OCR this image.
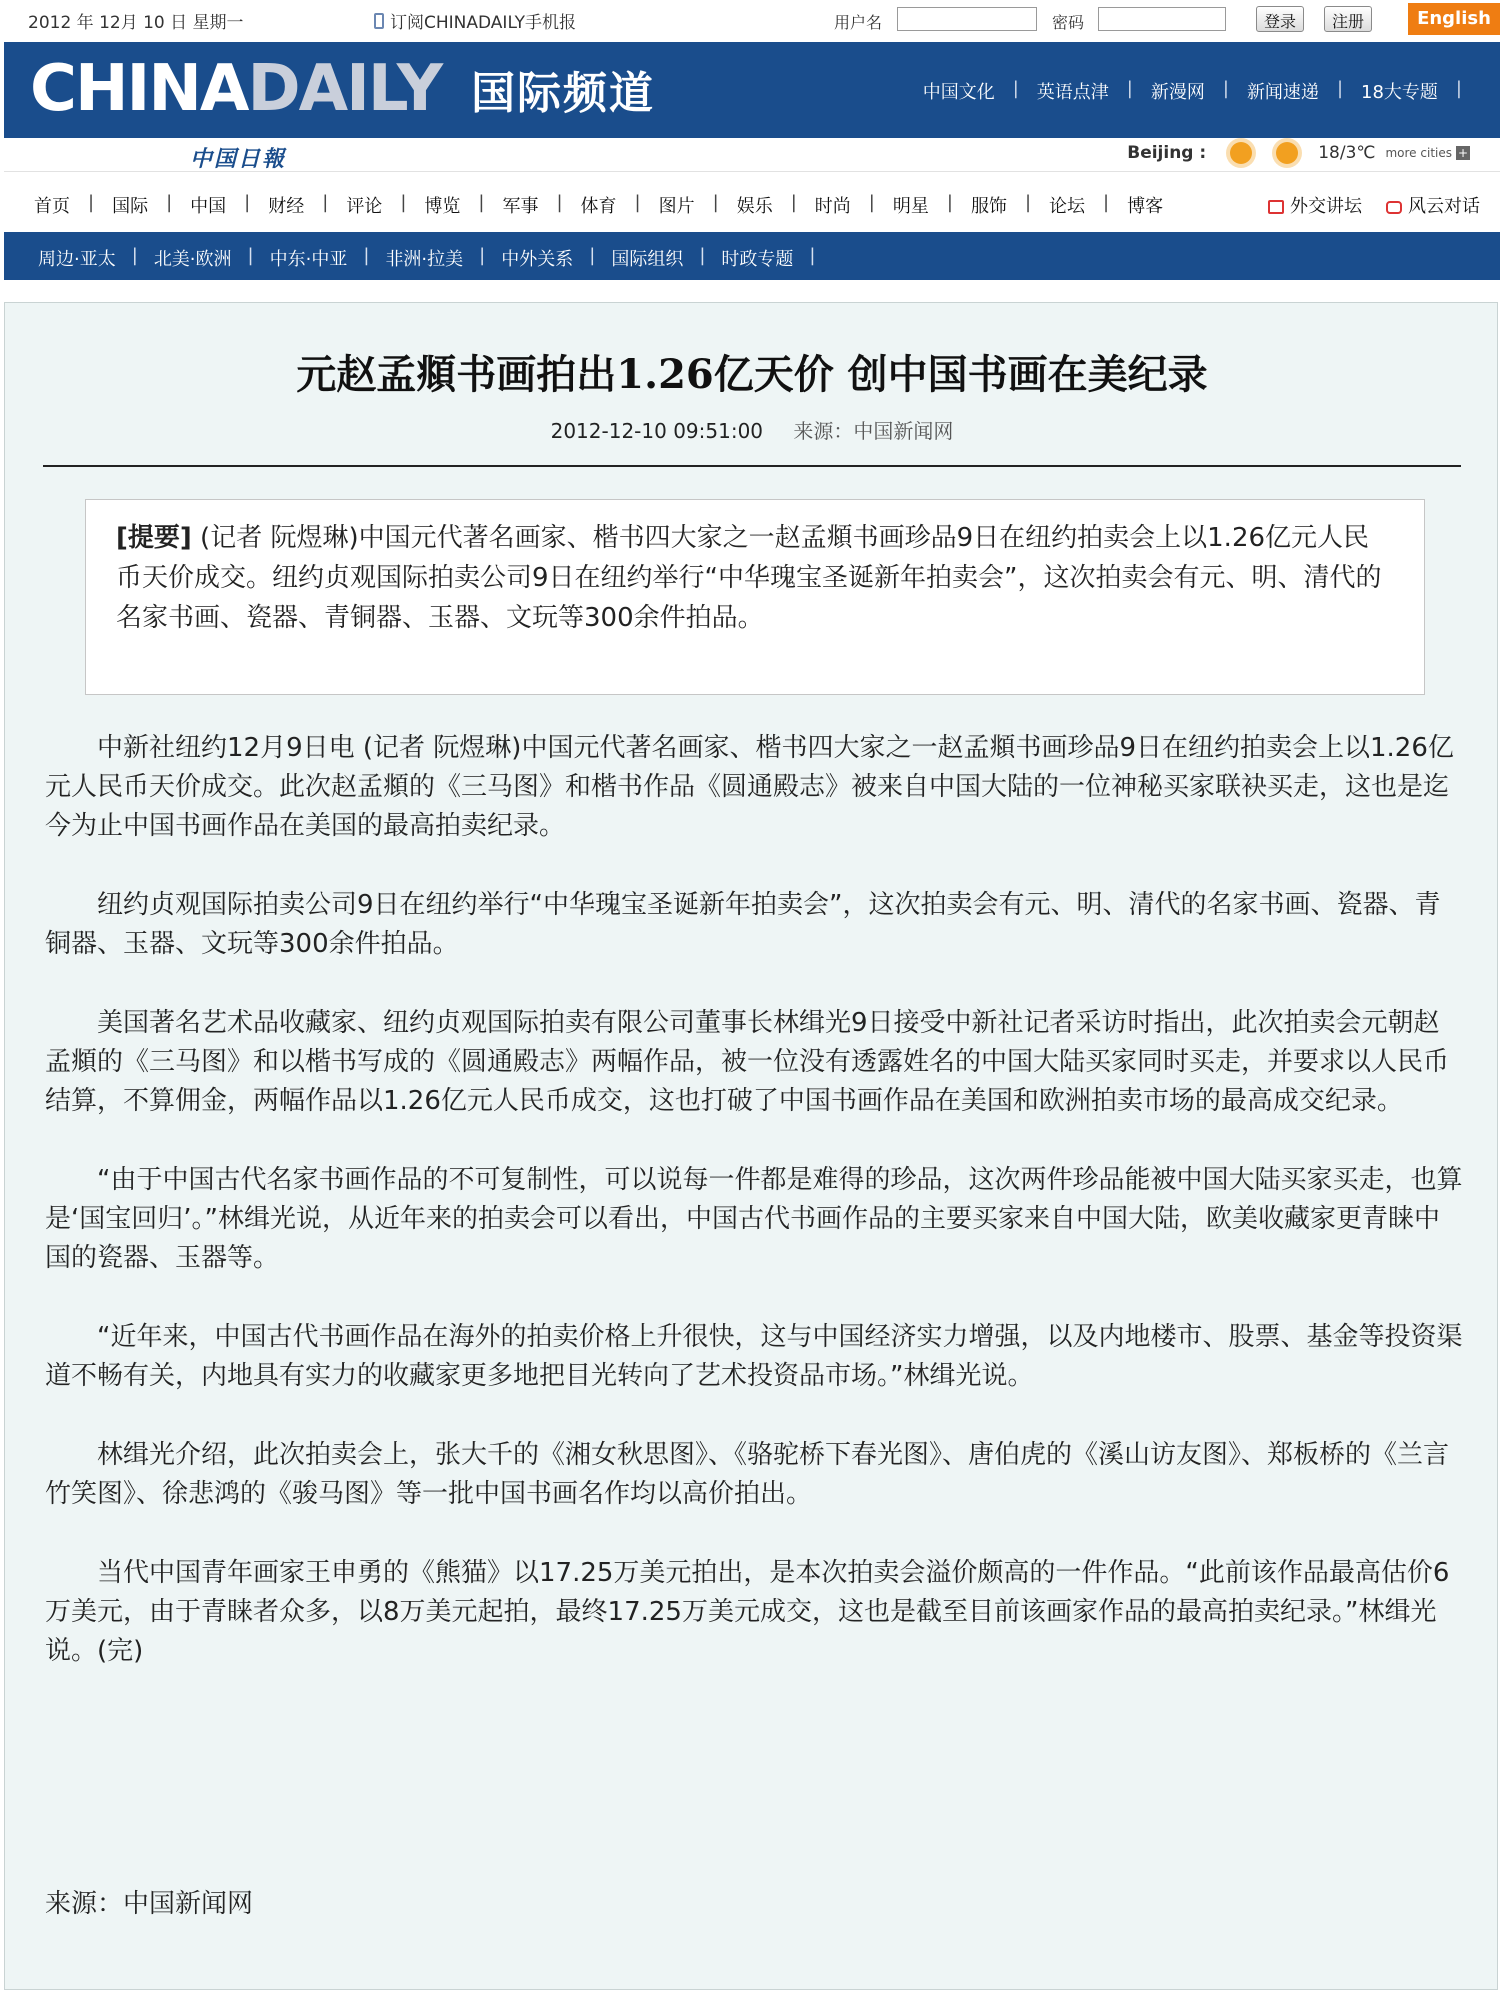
2012 年 12月 10 日 星期一	订阅CHINADAILY手机报	用户名	密码	登录	注册	English
CHINADAILY 国际频道	中国文化 | 英语点津 | 新漫网 | 新闻速递 | 18大专题 |
中国日報	Beijing :	18/3℃ more cities +
首页 | 国际 | 中国 | 财经 | 评论 | 博览 | 军事 | 体育 | 图片 | 娱乐 | 时尚 | 明星 | 服饰 | 论坛 | 博客	外交讲坛	风云对话
周边·亚太 | 北美·欧洲 | 中东·中亚 | 非洲·拉美 | 中外关系 | 国际组织 | 时政专题 |
元赵孟頫书画拍出1.26亿天价 创中国书画在美纪录
2012-12-10 09:51:00 来源：中国新闻网
[提要] (记者 阮煜琳)中国元代著名画家、楷书四大家之一赵孟頫书画珍品9日在纽约拍卖会上以1.26亿元人民币天价成交。纽约贞观国际拍卖公司9日在纽约举行“中华瑰宝圣诞新年拍卖会”，这次拍卖会有元、明、清代的名家书画、瓷器、青铜器、玉器、文玩等300余件拍品。

中新社纽约12月9日电 (记者 阮煜琳)中国元代著名画家、楷书四大家之一赵孟頫书画珍品9日在纽约拍卖会上以1.26亿元人民币天价成交。此次赵孟頫的《三马图》和楷书作品《圆通殿志》被来自中国大陆的一位神秘买家联袂买走，这也是迄今为止中国书画作品在美国的最高拍卖纪录。

纽约贞观国际拍卖公司9日在纽约举行“中华瑰宝圣诞新年拍卖会”，这次拍卖会有元、明、清代的名家书画、瓷器、青铜器、玉器、文玩等300余件拍品。

美国著名艺术品收藏家、纽约贞观国际拍卖有限公司董事长林缉光9日接受中新社记者采访时指出，此次拍卖会元朝赵孟頫的《三马图》和以楷书写成的《圆通殿志》两幅作品，被一位没有透露姓名的中国大陆买家同时买走，并要求以人民币结算，不算佣金，两幅作品以1.26亿元人民币成交，这也打破了中国书画作品在美国和欧洲拍卖市场的最高成交纪录。

“由于中国古代名家书画作品的不可复制性，可以说每一件都是难得的珍品，这次两件珍品能被中国大陆买家买走，也算是‘国宝回归’。”林缉光说，从近年来的拍卖会可以看出，中国古代书画作品的主要买家来自中国大陆，欧美收藏家更青睐中国的瓷器、玉器等。

“近年来，中国古代书画作品在海外的拍卖价格上升很快，这与中国经济实力增强，以及内地楼市、股票、基金等投资渠道不畅有关，内地具有实力的收藏家更多地把目光转向了艺术投资品市场。”林缉光说。

林缉光介绍，此次拍卖会上，张大千的《湘女秋思图》、《骆驼桥下春光图》、唐伯虎的《溪山访友图》、郑板桥的《兰言竹笑图》、徐悲鸿的《骏马图》等一批中国书画名作均以高价拍出。

当代中国青年画家王申勇的《熊猫》以17.25万美元拍出，是本次拍卖会溢价颇高的一件作品。“此前该作品最高估价6万美元，由于青睐者众多，以8万美元起拍，最终17.25万美元成交，这也是截至目前该画家作品的最高拍卖纪录。”林缉光说。(完)

来源：中国新闻网
